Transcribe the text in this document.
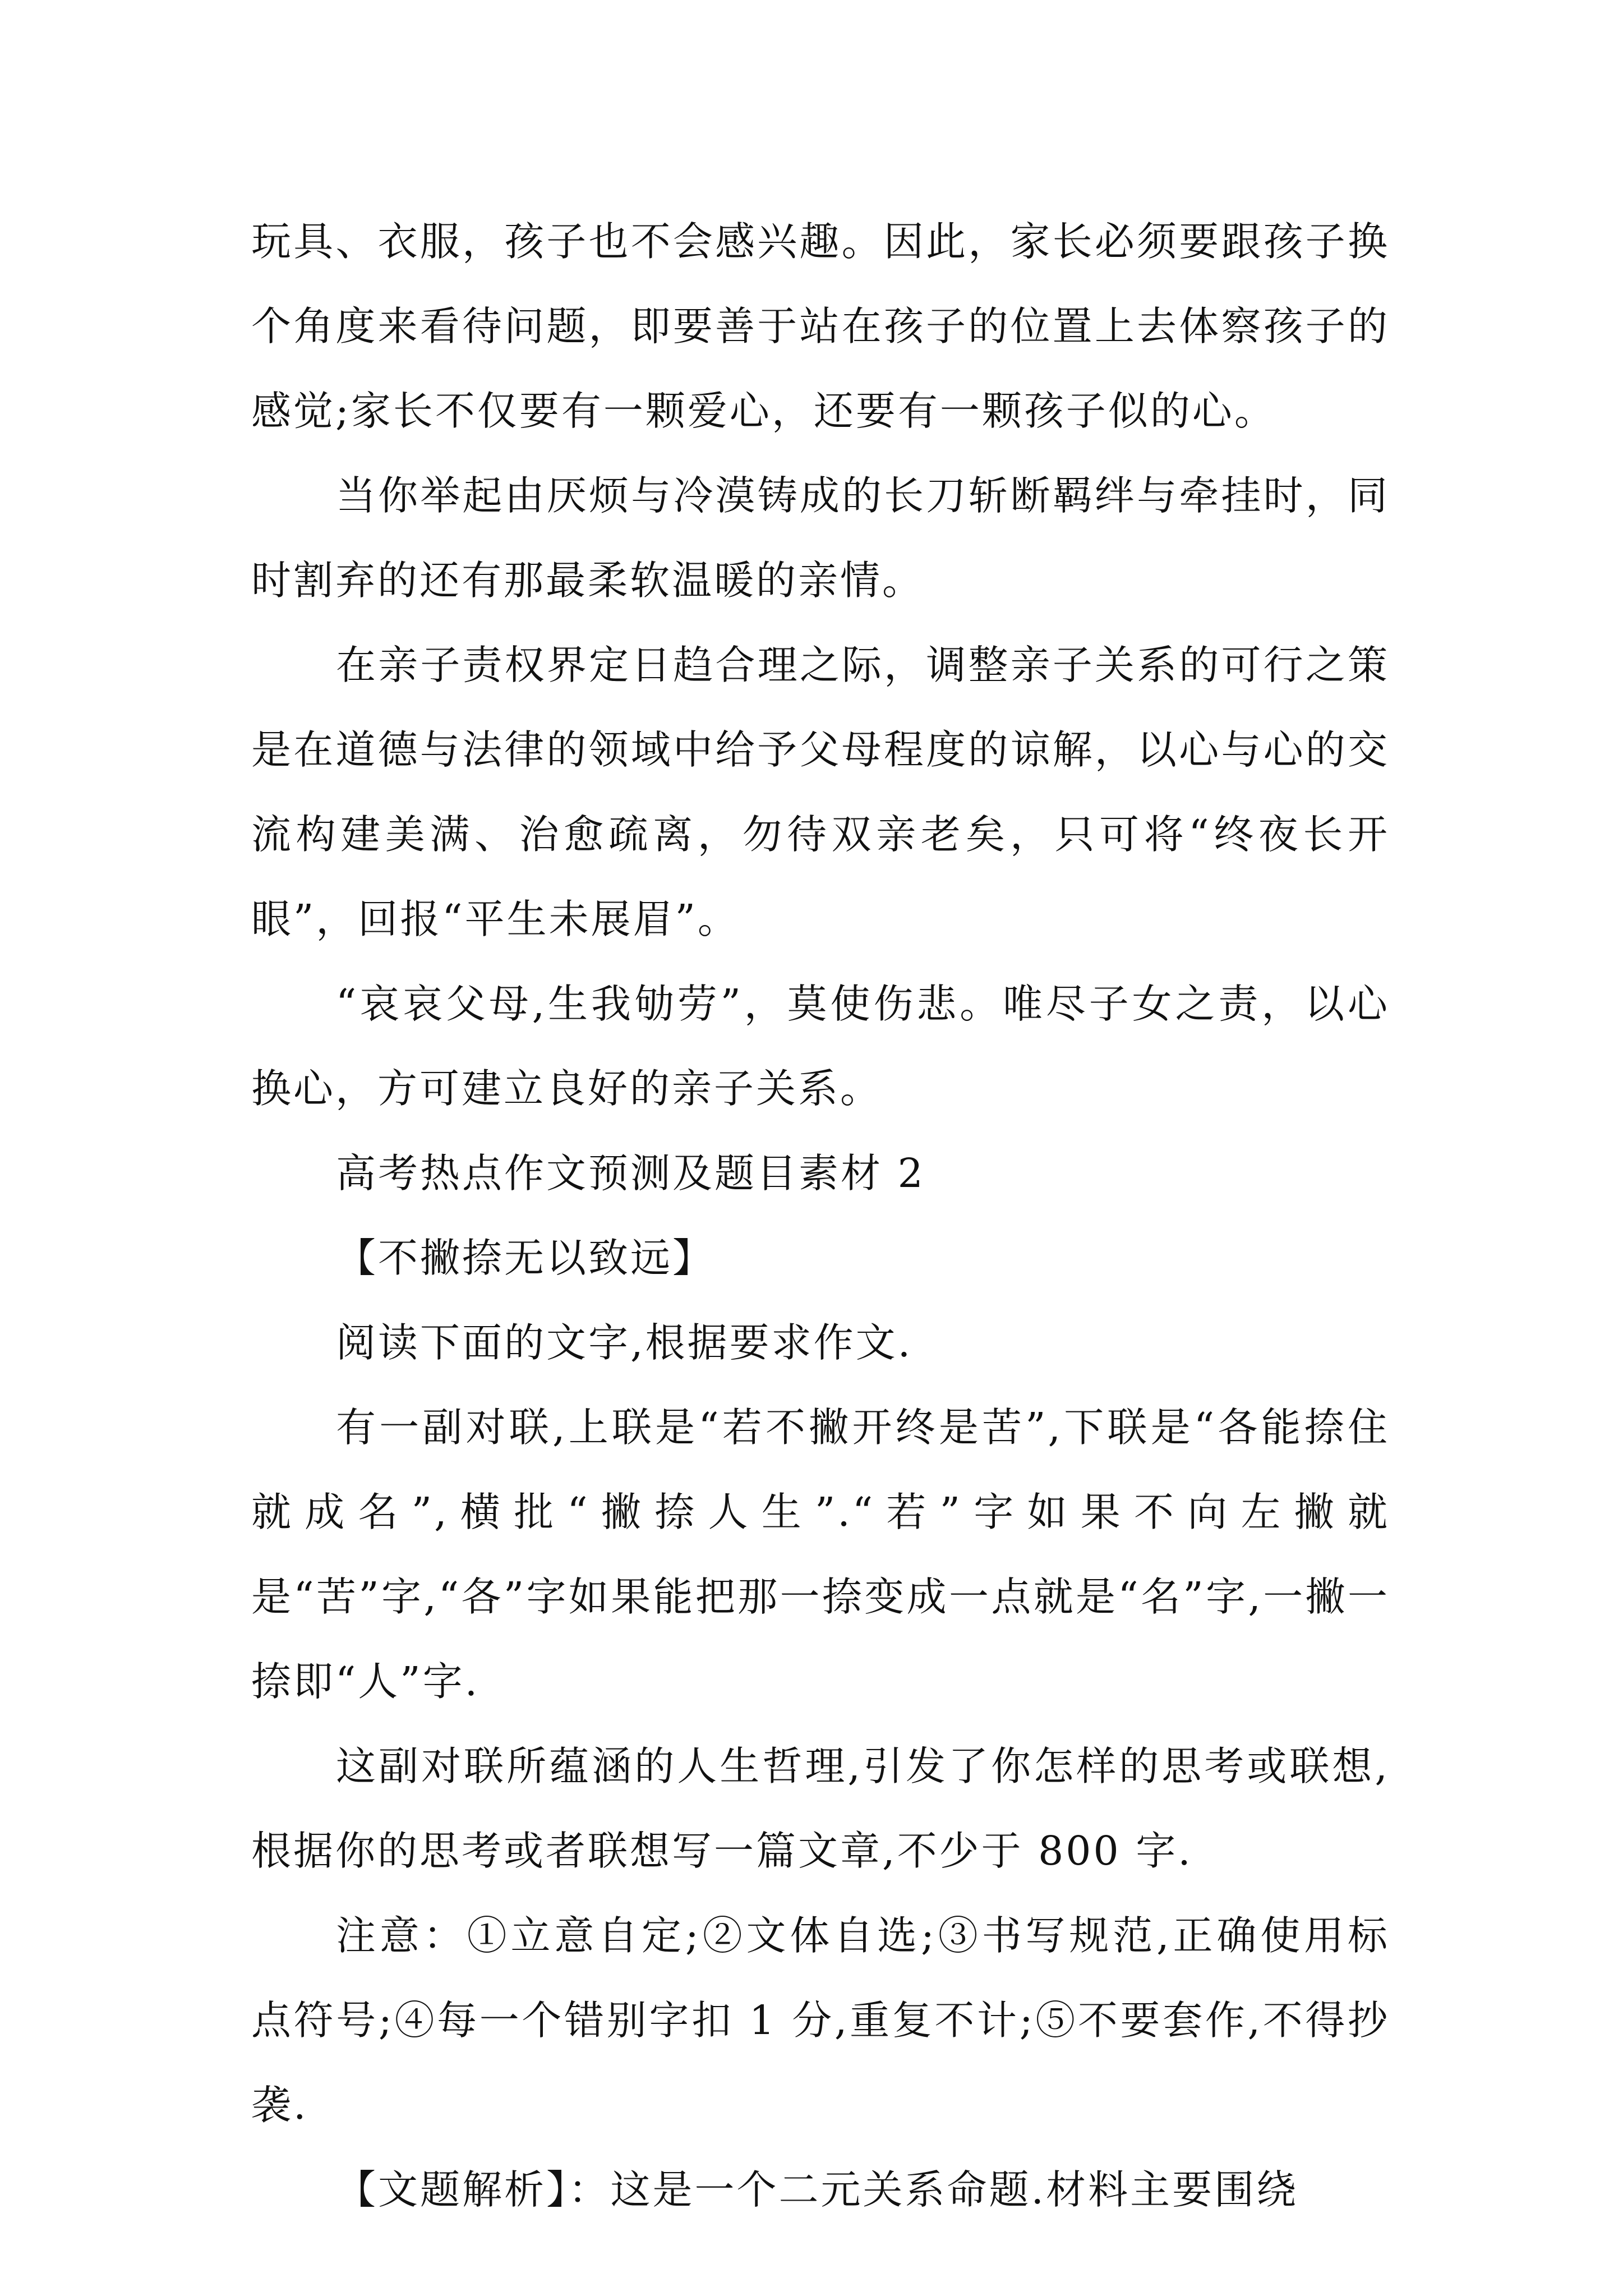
玩具、衣服，孩子也不会感兴趣。因此，家长必须要跟孩子换个角度来看待问题，即要善于站在孩子的位置上去体察孩子的感觉;家长不仅要有一颗爱心，还要有一颗孩子似的心。

当你举起由厌烦与冷漠铸成的长刀斩断羁绊与牵挂时，同时割弃的还有那最柔软温暖的亲情。

在亲子责权界定日趋合理之际，调整亲子关系的可行之策是在道德与法律的领域中给予父母程度的谅解，以心与心的交流构建美满、治愈疏离，勿待双亲老矣，只可将“终夜长开眼”，回报“平生未展眉”。

“哀哀父母,生我劬劳”，莫使伤悲。唯尽子女之责，以心换心，方可建立良好的亲子关系。

高考热点作文预测及题目素材 2

【不撇捺无以致远】

阅读下面的文字,根据要求作文.

有一副对联,上联是“若不撇开终是苦”,下联是“各能捺住就成名”,横批“撇捺人生”.“若”字如果不向左撇就是“苦”字,“各”字如果能把那一捺变成一点就是“名”字,一撇一捺即“人”字.

这副对联所蕴涵的人生哲理,引发了你怎样的思考或联想,根据你的思考或者联想写一篇文章,不少于 800 字.

注意：①立意自定;②文体自选;③书写规范,正确使用标点符号;④每一个错别字扣 1 分,重复不计;⑤不要套作,不得抄袭.

【文题解析】：这是一个二元关系命题.材料主要围绕
